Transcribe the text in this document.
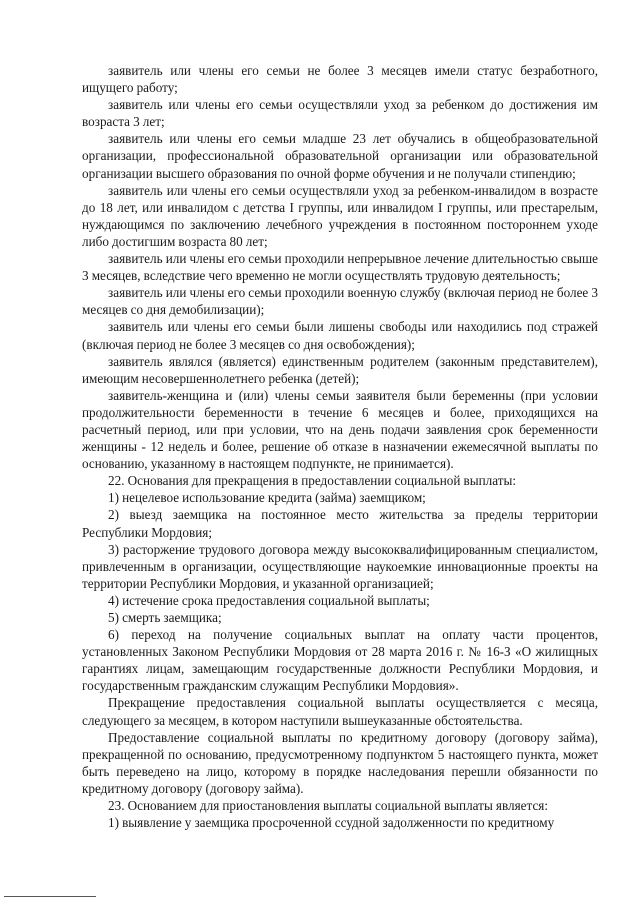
заявитель или члены его семьи не более 3 месяцев имели статус безработного, ищущего работу;

заявитель или члены его семьи осуществляли уход за ребенком до достижения им возраста 3 лет;

заявитель или члены его семьи младше 23 лет обучались в общеобразовательной организации, профессиональной образовательной организации или образовательной организации высшего образования по очной форме обучения и не получали стипендию;

заявитель или члены его семьи осуществляли уход за ребенком-инвалидом в возрасте до 18 лет, или инвалидом с детства I группы, или инвалидом I группы, или престарелым, нуждающимся по заключению лечебного учреждения в постоянном постороннем уходе либо достигшим возраста 80 лет;

заявитель или члены его семьи проходили непрерывное лечение длительностью свыше 3 месяцев, вследствие чего временно не могли осуществлять трудовую деятельность;

заявитель или члены его семьи проходили военную службу (включая период не более 3 месяцев со дня демобилизации);

заявитель или члены его семьи были лишены свободы или находились под стражей (включая период не более 3 месяцев со дня освобождения);

заявитель являлся (является) единственным родителем (законным представителем), имеющим несовершеннолетнего ребенка (детей);

заявитель-женщина и (или) члены семьи заявителя были беременны (при условии продолжительности беременности в течение 6 месяцев и более, приходящихся на расчетный период, или при условии, что на день подачи заявления срок беременности женщины - 12 недель и более, решение об отказе в назначении ежемесячной выплаты по основанию, указанному в настоящем подпункте, не принимается).

22. Основания для прекращения в предоставлении социальной выплаты:

1) нецелевое использование кредита (займа) заемщиком;

2) выезд заемщика на постоянное место жительства за пределы территории Республики Мордовия;

3) расторжение трудового договора между высококвалифицированным специалистом, привлеченным в организации, осуществляющие наукоемкие инновационные проекты на территории Республики Мордовия, и указанной организацией;

4) истечение срока предоставления социальной выплаты;

5) смерть заемщика;

6) переход на получение социальных выплат на оплату части процентов, установленных Законом Республики Мордовия от 28 марта 2016 г. № 16-З «О жилищных гарантиях лицам, замещающим государственные должности Республики Мордовия, и государственным гражданским служащим Республики Мордовия».

Прекращение предоставления социальной выплаты осуществляется с месяца, следующего за месяцем, в котором наступили вышеуказанные обстоятельства.

Предоставление социальной выплаты по кредитному договору (договору займа), прекращенной по основанию, предусмотренному подпунктом 5 настоящего пункта, может быть переведено на лицо, которому в порядке наследования перешли обязанности по кредитному договору (договору займа).

23. Основанием для приостановления выплаты социальной выплаты является:

1) выявление у заемщика просроченной ссудной задолженности по кредитному
